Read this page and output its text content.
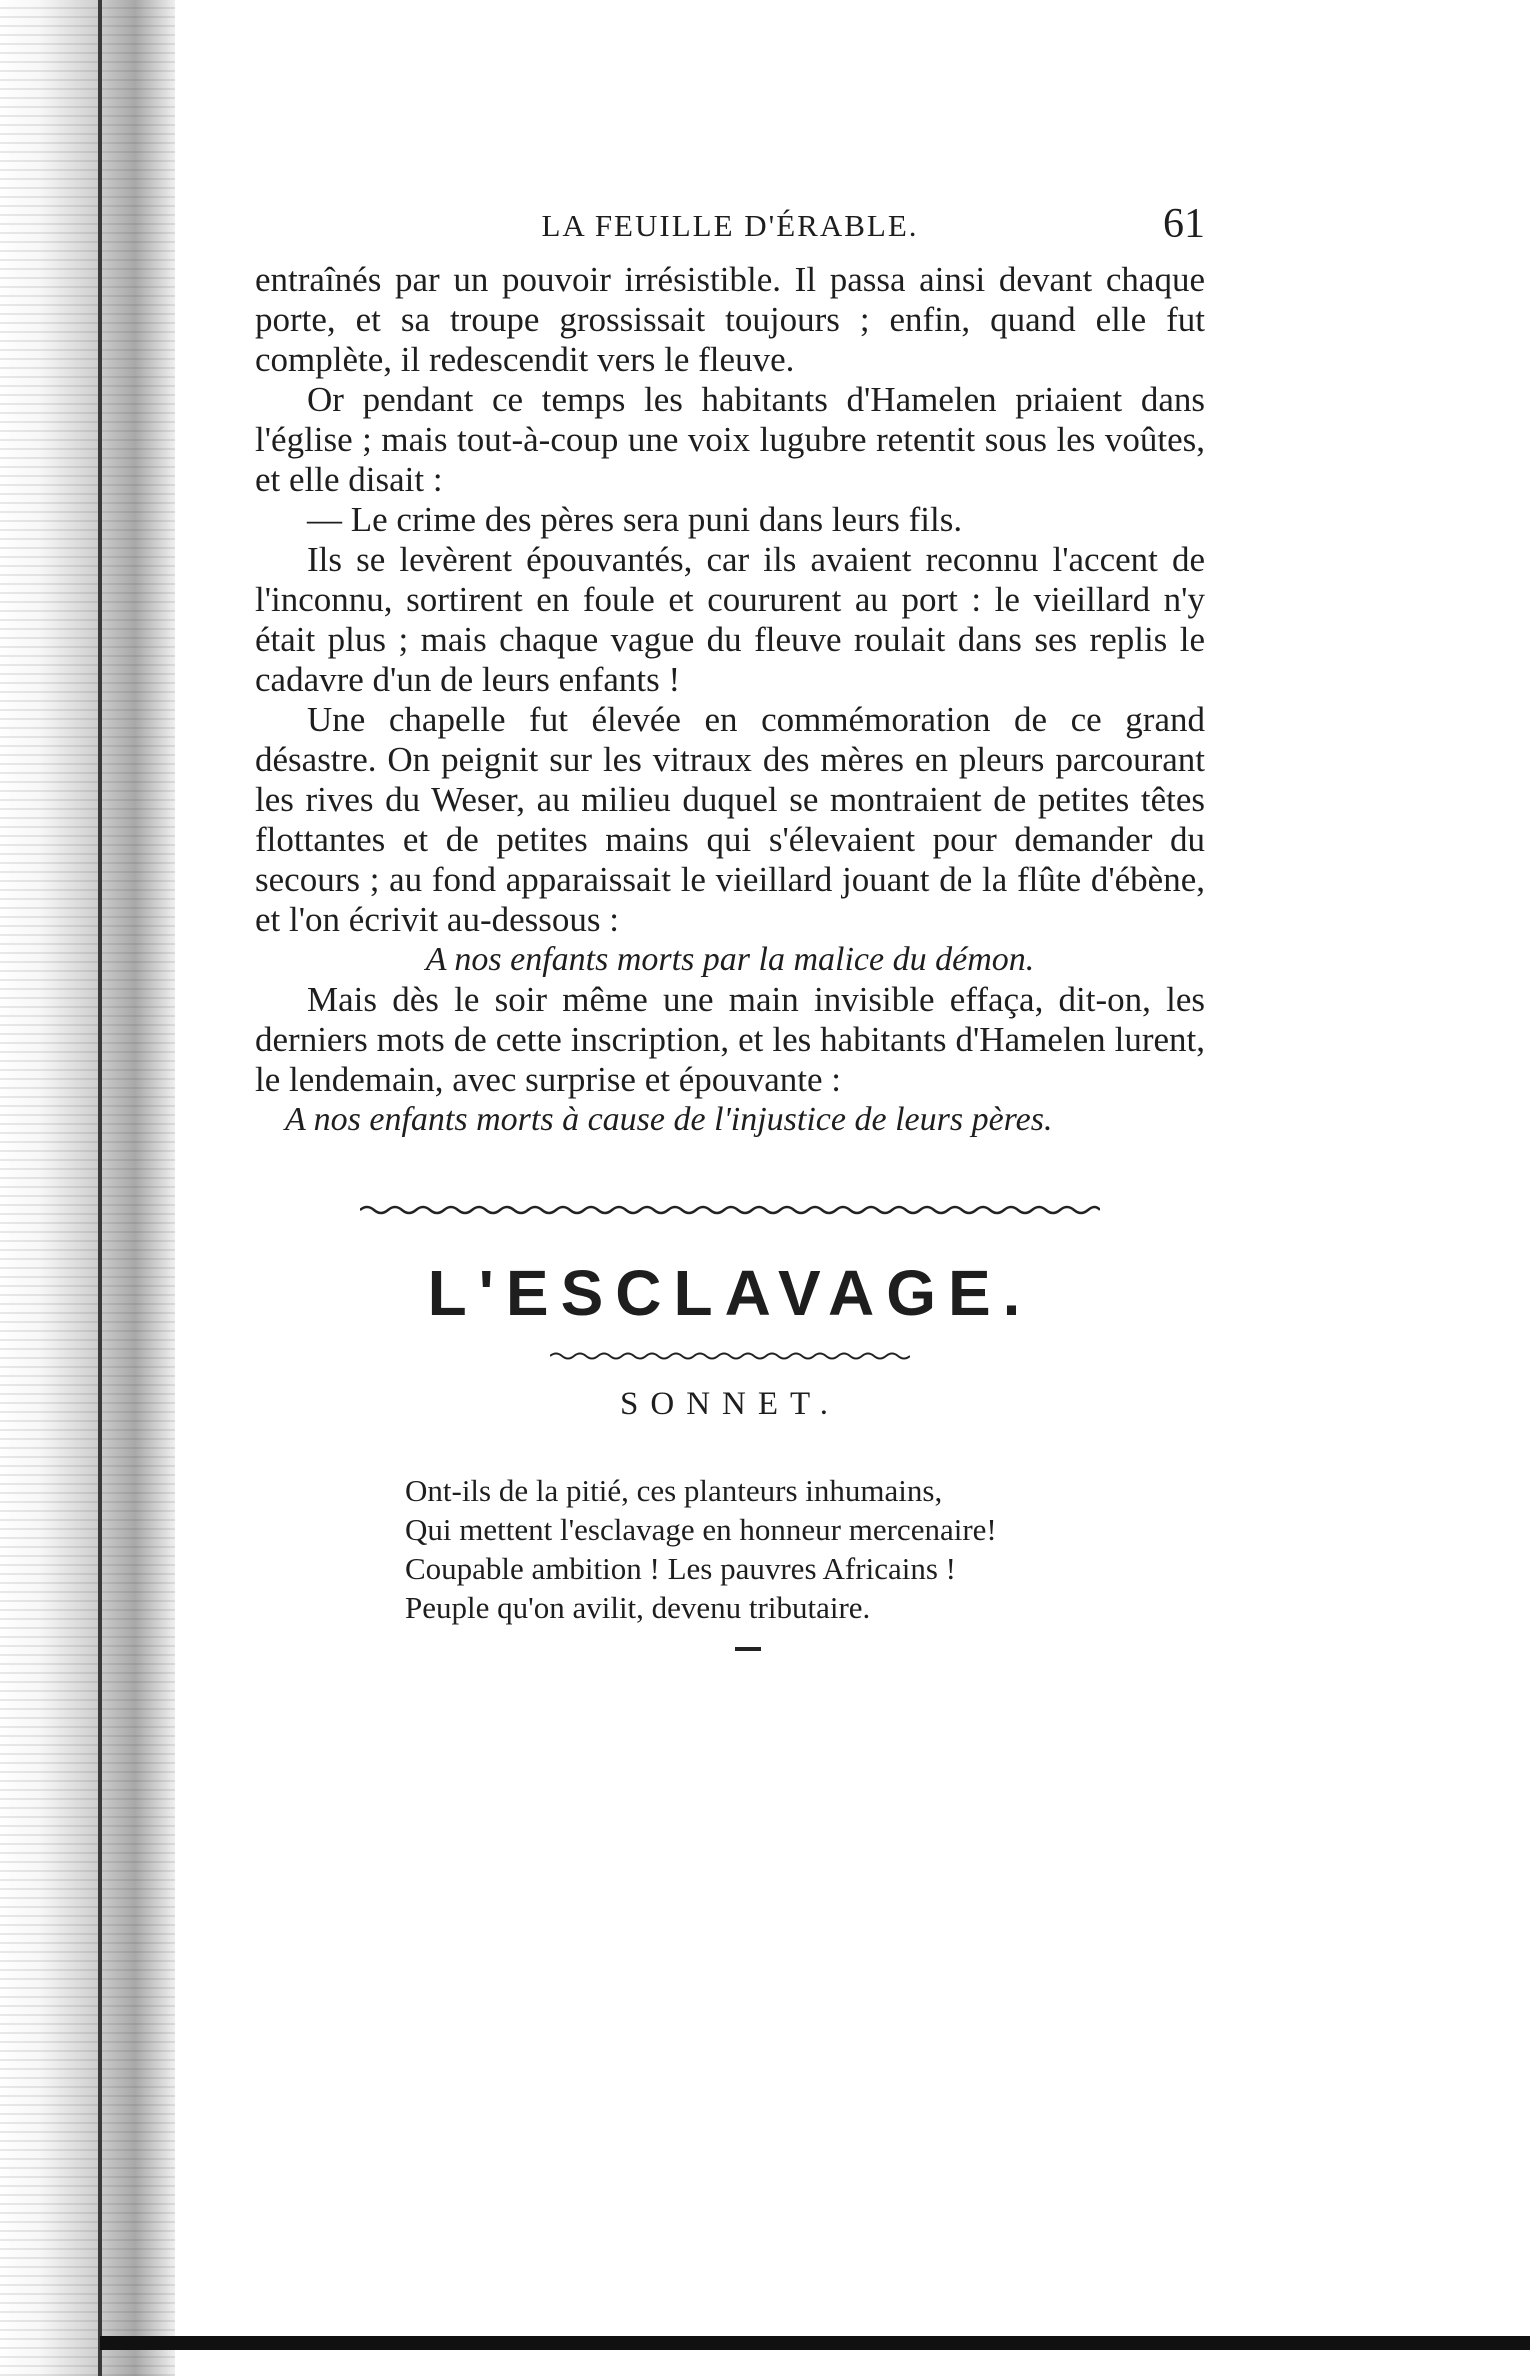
LA FEUILLE D'ÉRABLE.	61

entraînés par un pouvoir irrésistible. Il passa ainsi devant chaque porte, et sa troupe grossissait toujours ; enfin, quand elle fut complète, il redescendit vers le fleuve.

Or pendant ce temps les habitants d'Hamelen priaient dans l'église ; mais tout-à-coup une voix lugubre retentit sous les voûtes, et elle disait :

— Le crime des pères sera puni dans leurs fils.

Ils se levèrent épouvantés, car ils avaient reconnu l'accent de l'inconnu, sortirent en foule et coururent au port : le vieillard n'y était plus ; mais chaque vague du fleuve roulait dans ses replis le cadavre d'un de leurs enfants !

Une chapelle fut élevée en commémoration de ce grand désastre. On peignit sur les vitraux des mères en pleurs parcourant les rives du Weser, au milieu duquel se montraient de petites têtes flottantes et de petites mains qui s'élevaient pour demander du secours ; au fond apparaissait le vieillard jouant de la flûte d'ébène, et l'on écrivit au-dessous :

A nos enfants morts par la malice du démon.

Mais dès le soir même une main invisible effaça, dit-on, les derniers mots de cette inscription, et les habitants d'Hamelen lurent, le lendemain, avec surprise et épouvante :

A nos enfants morts à cause de l'injustice de leurs pères.

L'ESCLAVAGE.
SONNET.
Ont-ils de la pitié, ces planteurs inhumains,
Qui mettent l'esclavage en honneur mercenaire!
Coupable ambition ! Les pauvres Africains !
Peuple qu'on avilit, devenu tributaire.
